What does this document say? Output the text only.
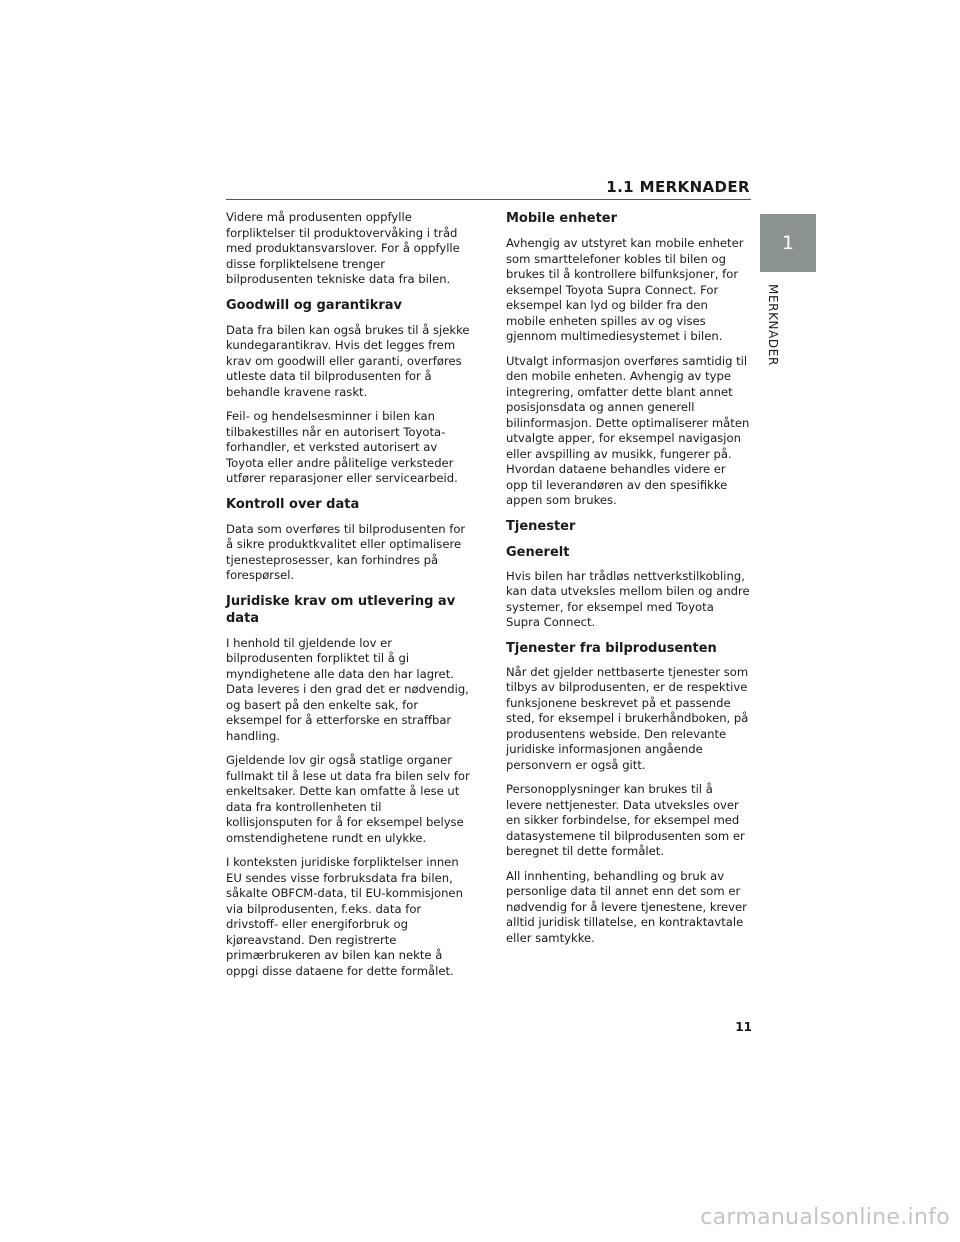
1.1 MERKNADER
1
MERKNADER

Videre må produsenten oppfylle forpliktelser til produktovervåking i tråd med produktansvarslover. For å oppfylle disse forpliktelsene trenger bilprodusenten tekniske data fra bilen.

Goodwill og garantikrav

Data fra bilen kan også brukes til å sjekke kundegarantikrav. Hvis det legges frem krav om goodwill eller garanti, overføres utleste data til bilprodusenten for å behandle kravene raskt.

Feil- og hendelsesminner i bilen kan tilbakestilles når en autorisert Toyota-forhandler, et verksted autorisert av Toyota eller andre pålitelige verksteder utfører reparasjoner eller servicearbeid.

Kontroll over data

Data som overføres til bilprodusenten for å sikre produktkvalitet eller optimalisere tjenesteprosesser, kan forhindres på forespørsel.

Juridiske krav om utlevering av data

I henhold til gjeldende lov er bilprodusenten forpliktet til å gi myndighetene alle data den har lagret. Data leveres i den grad det er nødvendig, og basert på den enkelte sak, for eksempel for å etterforske en straffbar handling.

Gjeldende lov gir også statlige organer fullmakt til å lese ut data fra bilen selv for enkeltsaker. Dette kan omfatte å lese ut data fra kontrollenheten til kollisjonsputen for å for eksempel belyse omstendighetene rundt en ulykke.

I konteksten juridiske forpliktelser innen EU sendes visse forbruksdata fra bilen, såkalte OBFCM-data, til EU-kommisjonen via bilprodusenten, f.eks. data for drivstoff- eller energiforbruk og kjøreavstand. Den registrerte primærbrukeren av bilen kan nekte å oppgi disse dataene for dette formålet.

Mobile enheter

Avhengig av utstyret kan mobile enheter som smarttelefoner kobles til bilen og brukes til å kontrollere bilfunksjoner, for eksempel Toyota Supra Connect. For eksempel kan lyd og bilder fra den mobile enheten spilles av og vises gjennom multimediesystemet i bilen.

Utvalgt informasjon overføres samtidig til den mobile enheten. Avhengig av type integrering, omfatter dette blant annet posisjonsdata og annen generell bilinformasjon. Dette optimaliserer måten utvalgte apper, for eksempel navigasjon eller avspilling av musikk, fungerer på. Hvordan dataene behandles videre er opp til leverandøren av den spesifikke appen som brukes.

Tjenester
Generelt

Hvis bilen har trådløs nettverkstilkobling, kan data utveksles mellom bilen og andre systemer, for eksempel med Toyota Supra Connect.

Tjenester fra bilprodusenten

Når det gjelder nettbaserte tjenester som tilbys av bilprodusenten, er de respektive funksjonene beskrevet på et passende sted, for eksempel i brukerhåndboken, på produsentens webside. Den relevante juridiske informasjonen angående personvern er også gitt.

Personopplysninger kan brukes til å levere nettjenester. Data utveksles over en sikker forbindelse, for eksempel med datasystemene til bilprodusenten som er beregnet til dette formålet.

All innhenting, behandling og bruk av personlige data til annet enn det som er nødvendig for å levere tjenestene, krever alltid juridisk tillatelse, en kontraktavtale eller samtykke.

11
carmanualsonline.info
